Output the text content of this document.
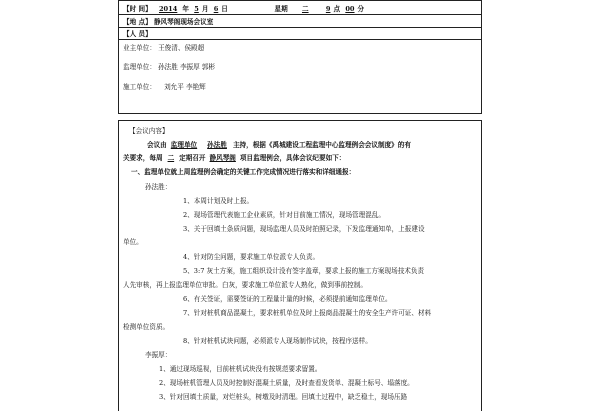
【时 间】 2014 年 5 月 6 日	星期 二	9 点 00 分
【地 点】 静风琴阁现场会议室
【人 员】
业主单位： 王俊清、侯殿超
监理单位： 孙法胜 李振厚 郭彬
施工单位： 刘允平 李艳辉
【会议内容】
会议由 监理单位 孙法胜 主持，根据《禹城建设工程监理中心监理例会会议制度》的有
关要求，每周 二 定期召开 静风琴阁 项目监理例会，具体会议纪要如下：
一、监理单位就上周监理例会确定的关键工作完成情况进行落实和详细通报：
孙法胜：
1、本周计划及时上报。
2、现场管理代表施工企业素质，针对目前施工情况，现场管理混乱。
3、关于回填土条质问题，现场监理人员及时拍照记录，下发监理通知单，上报建设
单位。
4、针对防尘问题，要求施工单位派专人负责。
5、3:7 灰土方案，施工组织设计没有签字盖章，要求上报的施工方案现场技术负责
人先审核，再上报监理单位审批。白灰，要求施工单位派专人熟化，做到事前控制。
6、有关签证，需要签证的工程量计量的时候，必须提前通知监理单位。
7、针对桩机商品混凝土，要求桩机单位及时上报商品混凝土的安全生产许可证、材料
检测单位资质。
8、针对桩机试块问题，必须派专人现场制作试块，按程序送样。
李振厚：
1、通过现场巡视，目前桩机试块没有按规范要求留置。
2、现场桩机管理人员及时控制好混凝土质量，及时查看发货单、混凝土标号、塌落度。
3、针对回填土质量，对烂桩头，树墩及时清理。回填土过程中，缺乏稳土，现场压路
